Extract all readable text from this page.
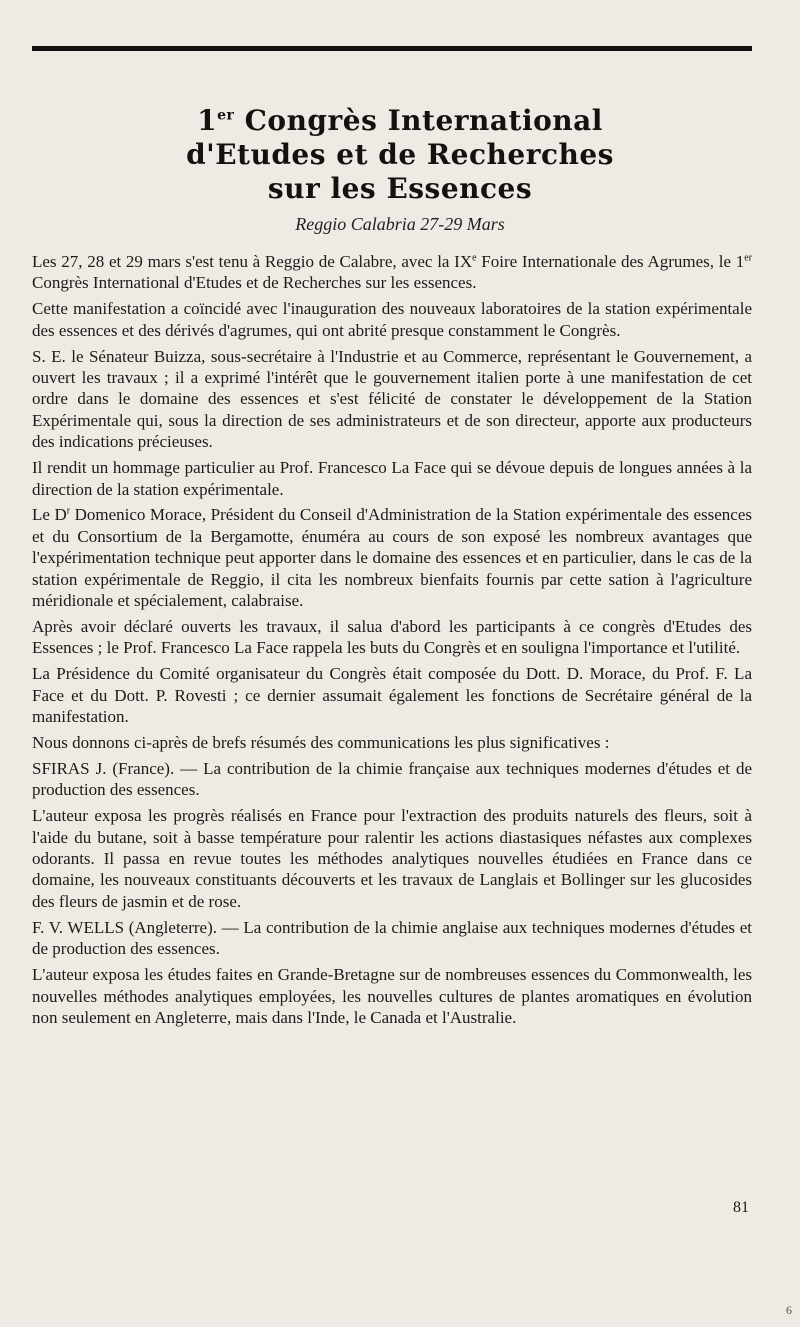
1er Congrès International
d'Etudes et de Recherches
sur les Essences
Reggio Calabria 27-29 Mars

Les 27, 28 et 29 mars s'est tenu à Reggio de Calabre, avec la IXe Foire Internationale des Agrumes, le 1er Congrès International d'Etudes et de Recherches sur les essences.

Cette manifestation a coïncidé avec l'inauguration des nouveaux laboratoires de la station expérimentale des essences et des dérivés d'agrumes, qui ont abrité presque constamment le Congrès.

S. E. le Sénateur Buizza, sous-secrétaire à l'Industrie et au Commerce, représentant le Gouvernement, a ouvert les travaux ; il a exprimé l'intérêt que le gouvernement italien porte à une manifestation de cet ordre dans le domaine des essences et s'est félicité de constater le développement de la Station Expérimentale qui, sous la direction de ses administrateurs et de son directeur, apporte aux producteurs des indications précieuses.

Il rendit un hommage particulier au Prof. Francesco La Face qui se dévoue depuis de longues années à la direction de la station expérimentale.

Le $D^r$ Domenico Morace, Président du Conseil d'Administration de la Station expérimentale des essences et du Consortium de la Bergamotte, énuméra au cours de son exposé les nombreux avantages que l'expérimentation technique peut apporter dans le domaine des essences et en particulier, dans le cas de la station expérimentale de Reggio, il cita les nombreux bienfaits fournis par cette sation à l'agriculture méridionale et spécialement, calabraise.

Après avoir déclaré ouverts les travaux, il salua d'abord les participants à ce congrès d'Etudes des Essences ; le Prof. Francesco La Face rappela les buts du Congrès et en souligna l'importance et l'utilité.

La Présidence du Comité organisateur du Congrès était composée du Dott. D. Morace, du Prof. F. La Face et du Dott. P. Rovesti ; ce dernier assumait également les fonctions de Secrétaire général de la manifestation.

Nous donnons ci-après de brefs résumés des communications les plus significatives :

SFIRAS J. (France). — La contribution de la chimie française aux techniques modernes d'études et de production des essences.

L'auteur exposa les progrès réalisés en France pour l'extraction des produits naturels des fleurs, soit à l'aide du butane, soit à basse température pour ralentir les actions diastasiques néfastes aux complexes odorants. Il passa en revue toutes les méthodes analytiques nouvelles étudiées en France dans ce domaine, les nouveaux constituants découverts et les travaux de Langlais et Bollinger sur les glucosides des fleurs de jasmin et de rose.

F. V. WELLS (Angleterre). — La contribution de la chimie anglaise aux techniques modernes d'études et de production des essences.

L'auteur exposa les études faites en Grande-Bretagne sur de nombreuses essences du Commonwealth, les nouvelles méthodes analytiques employées, les nouvelles cultures de plantes aromatiques en évolution non seulement en Angleterre, mais dans l'Inde, le Canada et l'Australie.

81
6
